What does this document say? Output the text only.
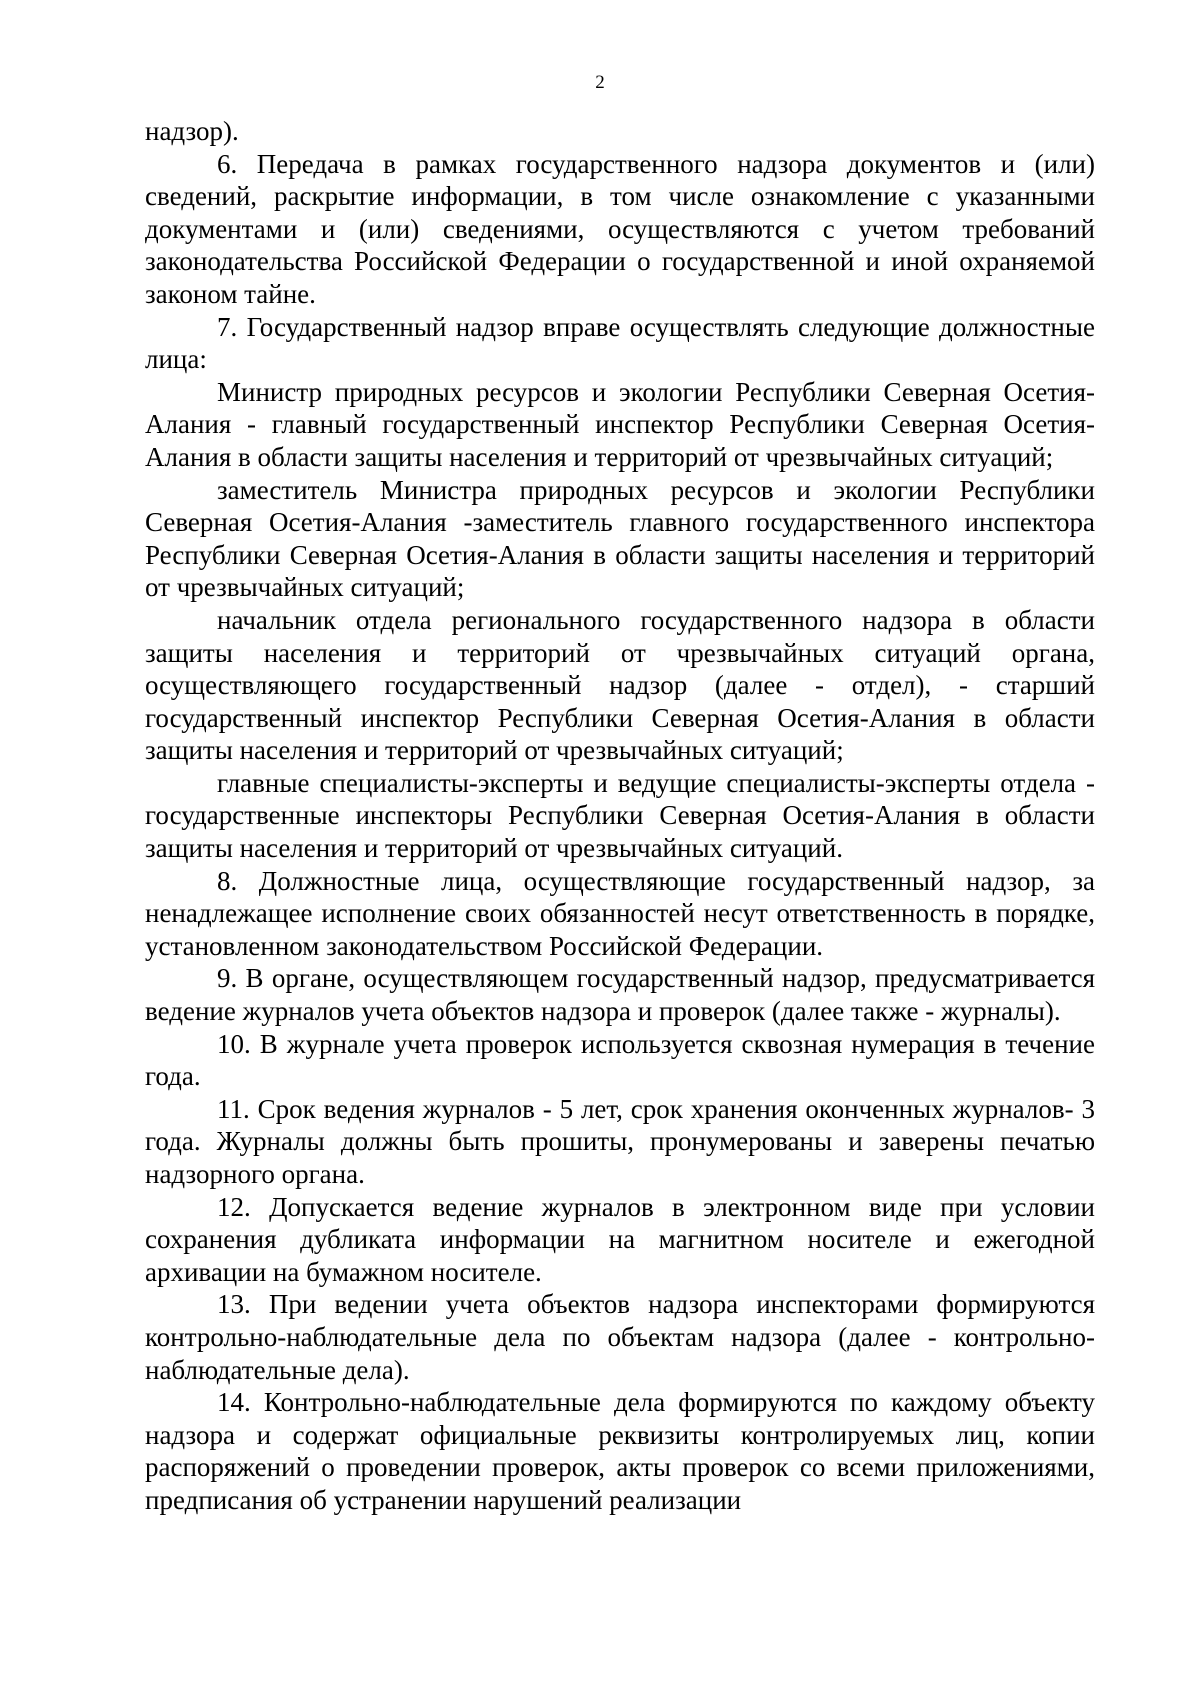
2

надзор).

6. Передача в рамках государственного надзора документов и (или) сведений, раскрытие информации, в том числе ознакомление с указанными документами и (или) сведениями, осуществляются с учетом требований законодательства Российской Федерации о государственной и иной охраняемой законом тайне.

7. Государственный надзор вправе осуществлять следующие должностные лица:

Министр природных ресурсов и экологии Республики Северная Осетия-Алания - главный государственный инспектор Республики Северная Осетия-Алания в области защиты населения и территорий от чрезвычайных ситуаций;

заместитель Министра природных ресурсов и экологии Республики Северная Осетия-Алания -заместитель главного государственного инспектора Республики Северная Осетия-Алания в области защиты населения и территорий от чрезвычайных ситуаций;

начальник отдела регионального государственного надзора в области защиты населения и территорий от чрезвычайных ситуаций органа, осуществляющего государственный надзор (далее - отдел), - старший государственный инспектор Республики Северная Осетия-Алания в области защиты населения и территорий от чрезвычайных ситуаций;

главные специалисты-эксперты и ведущие специалисты-эксперты отдела - государственные инспекторы Республики Северная Осетия-Алания в области защиты населения и территорий от чрезвычайных ситуаций.

8. Должностные лица, осуществляющие государственный надзор, за ненадлежащее исполнение своих обязанностей несут ответственность в порядке, установленном законодательством Российской Федерации.

9. В органе, осуществляющем государственный надзор, предусматривается ведение журналов учета объектов надзора и проверок (далее также - журналы).

10. В журнале учета проверок используется сквозная нумерация в течение года.

11. Срок ведения журналов - 5 лет, срок хранения оконченных журналов- 3 года. Журналы должны быть прошиты, пронумерованы и заверены печатью надзорного органа.

12. Допускается ведение журналов в электронном виде при условии сохранения дубликата информации на магнитном носителе и ежегодной архивации на бумажном носителе.

13. При ведении учета объектов надзора инспекторами формируются контрольно-наблюдательные дела по объектам надзора (далее - контрольно-наблюдательные дела).

14. Контрольно-наблюдательные дела формируются по каждому объекту надзора и содержат официальные реквизиты контролируемых лиц, копии распоряжений о проведении проверок, акты проверок со всеми приложениями, предписания об устранении нарушений реализации
